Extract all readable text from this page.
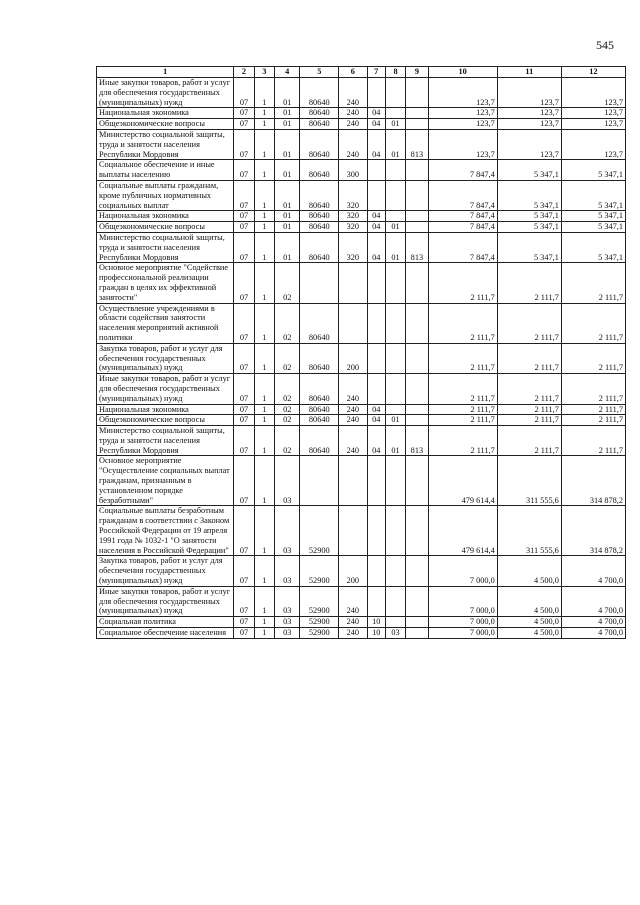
545
1	2	3	4	5	6	7	8	9	10	11	12
Иные закупки товаров, работ и услуг для обеспечения государственных (муниципальных) нужд	07	1	01	80640	240				123,7	123,7	123,7
Национальная экономика	07	1	01	80640	240	04			123,7	123,7	123,7
Общеэкономические вопросы	07	1	01	80640	240	04	01		123,7	123,7	123,7
Министерство социальной защиты, труда и занятости населения Республики Мордовия	07	1	01	80640	240	04	01	813	123,7	123,7	123,7
Социальное обеспечение и иные выплаты населению	07	1	01	80640	300				7 847,4	5 347,1	5 347,1
Социальные выплаты гражданам, кроме публичных нормативных социальных выплат	07	1	01	80640	320				7 847,4	5 347,1	5 347,1
Национальная экономика	07	1	01	80640	320	04			7 847,4	5 347,1	5 347,1
Общеэкономические вопросы	07	1	01	80640	320	04	01		7 847,4	5 347,1	5 347,1
Министерство социальной защиты, труда и занятости населения Республики Мордовия	07	1	01	80640	320	04	01	813	7 847,4	5 347,1	5 347,1
Основное мероприятие "Содействие профессиональной реализации граждан в целях их эффективной занятости"	07	1	02						2 111,7	2 111,7	2 111,7
Осуществление учреждениями в области содействия занятости населения мероприятий активной политики	07	1	02	80640					2 111,7	2 111,7	2 111,7
Закупка товаров, работ и услуг для обеспечения государственных (муниципальных) нужд	07	1	02	80640	200				2 111,7	2 111,7	2 111,7
Иные закупки товаров, работ и услуг для обеспечения государственных (муниципальных) нужд	07	1	02	80640	240				2 111,7	2 111,7	2 111,7
Национальная экономика	07	1	02	80640	240	04			2 111,7	2 111,7	2 111,7
Общеэкономические вопросы	07	1	02	80640	240	04	01		2 111,7	2 111,7	2 111,7
Министерство социальной защиты, труда и занятости населения Республики Мордовия	07	1	02	80640	240	04	01	813	2 111,7	2 111,7	2 111,7
Основное мероприятие "Осуществление социальных выплат гражданам, признанным в установленном порядке безработными"	07	1	03						479 614,4	311 555,6	314 878,2
Социальные выплаты безработным гражданам в соответствии с Законом Российской Федерации от 19 апреля 1991 года № 1032-1 "О занятости населения в Российской Федерации"	07	1	03	52900					479 614,4	311 555,6	314 878,2
Закупка товаров, работ и услуг для обеспечения государственных (муниципальных) нужд	07	1	03	52900	200				7 000,0	4 500,0	4 700,0
Иные закупки товаров, работ и услуг для обеспечения государственных (муниципальных) нужд	07	1	03	52900	240				7 000,0	4 500,0	4 700,0
Социальная политика	07	1	03	52900	240	10			7 000,0	4 500,0	4 700,0
Социальное обеспечение населения	07	1	03	52900	240	10	03		7 000,0	4 500,0	4 700,0
